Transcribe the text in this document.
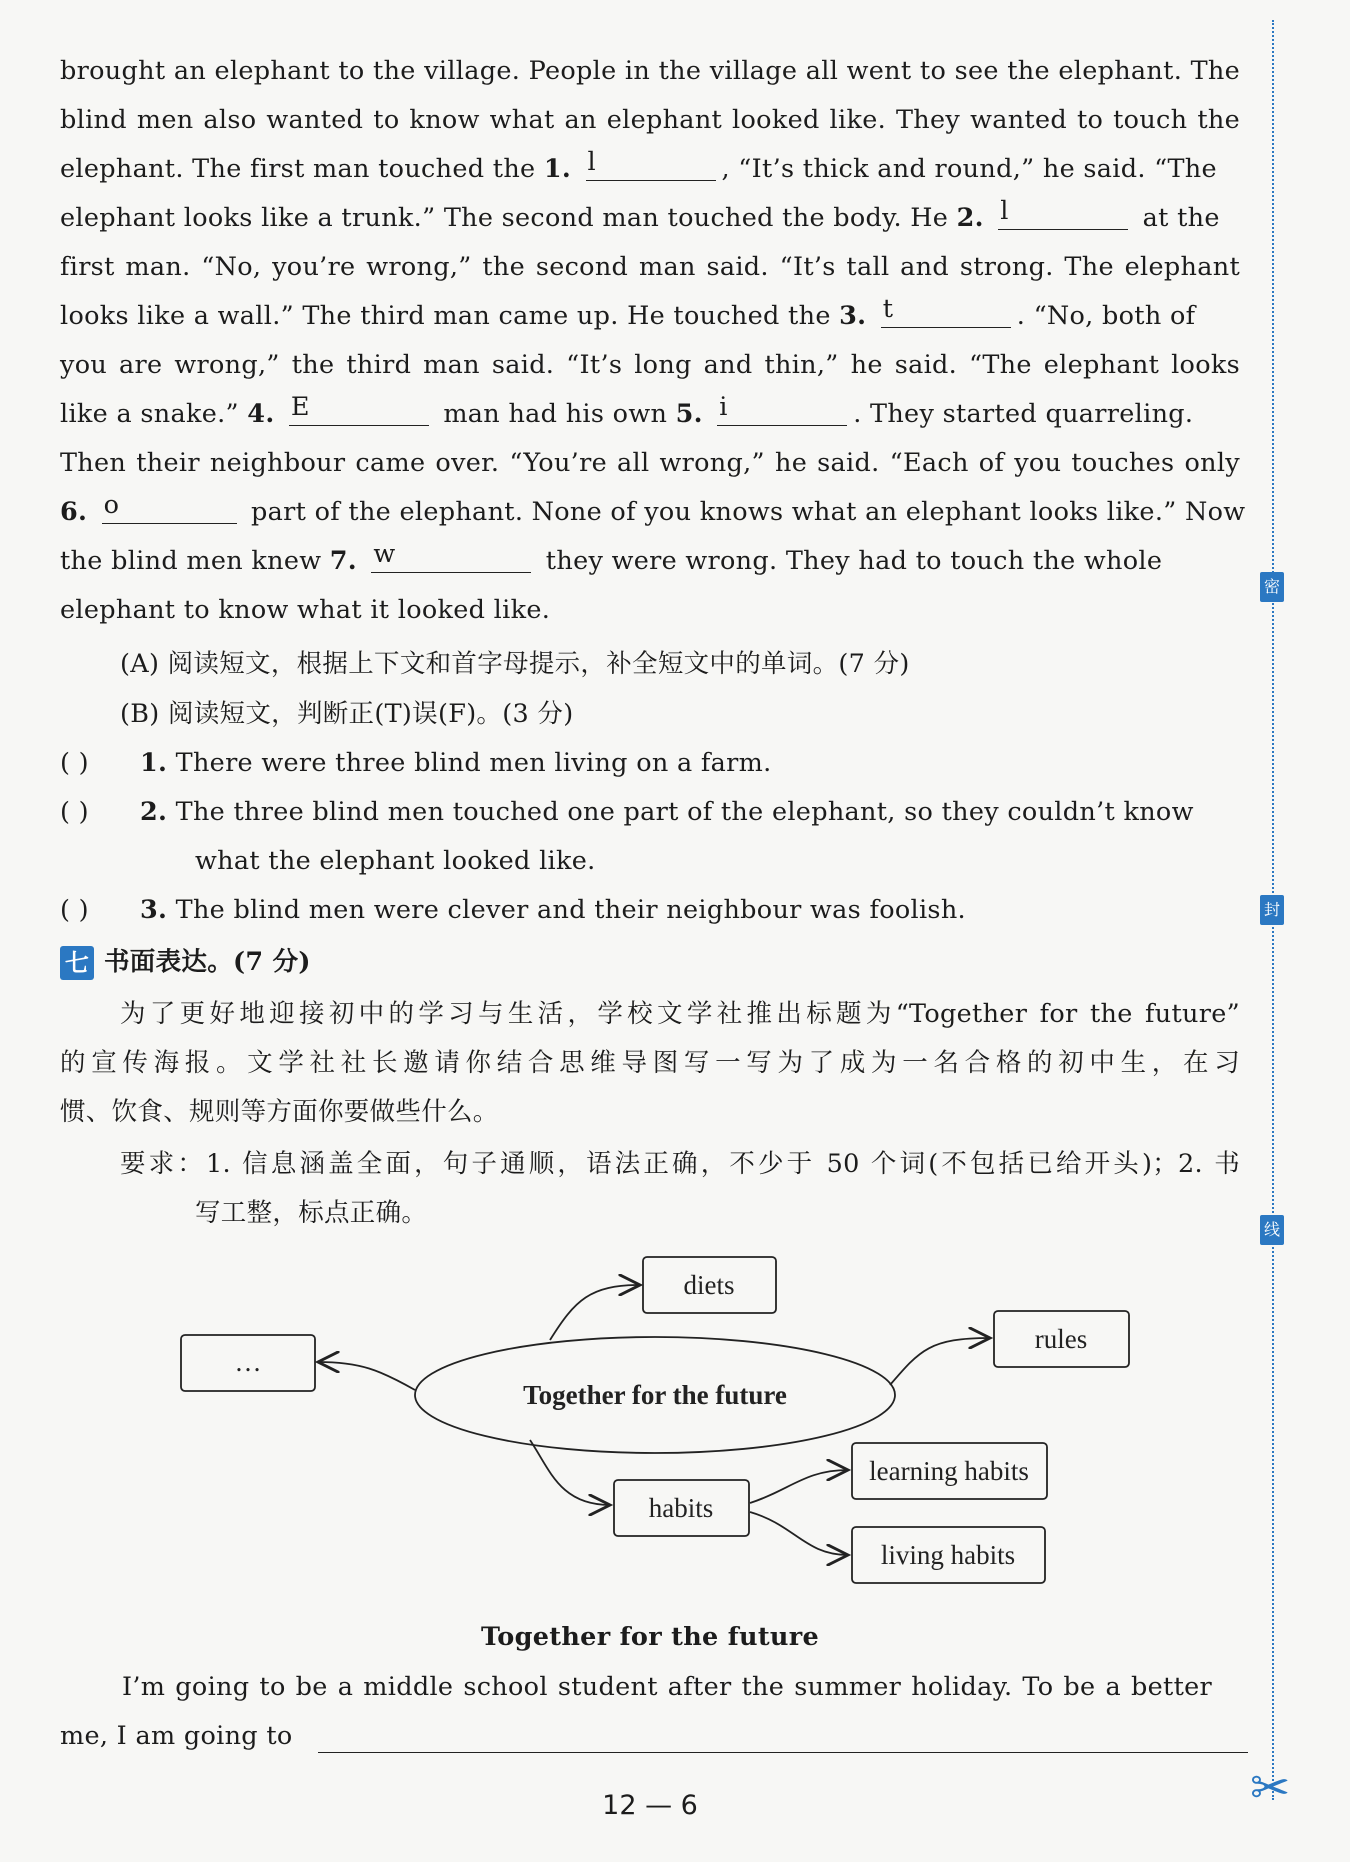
brought an elephant to the village. People in the village all went to see the elephant. The
blind men also wanted to know what an elephant looked like. They wanted to touch the
elephant. The first man touched the 1. l	, “It’s thick and round,” he said. “The
elephant looks like a trunk.” The second man touched the body. He 2. l	at the
first man. “No, you’re wrong,” the second man said. “It’s tall and strong. The elephant
looks like a wall.” The third man came up. He touched the 3. t	. “No, both of
you are wrong,” the third man said. “It’s long and thin,” he said. “The elephant looks
like a snake.” 4. E	man had his own 5. i	. They started quarreling.
Then their neighbour came over. “You’re all wrong,” he said. “Each of you touches only
6. o	part of the elephant. None of you knows what an elephant looks like.” Now
the blind men knew 7. w	they were wrong. They had to touch the whole
elephant to know what it looked like.
(A) 阅读短文，根据上下文和首字母提示，补全短文中的单词。(7 分)
(B) 阅读短文，判断正(T)误(F)。(3 分)
( ) 1. There were three blind men living on a farm.
( ) 2. The three blind men touched one part of the elephant, so they couldn’t know
what the elephant looked like.
( ) 3. The blind men were clever and their neighbour was foolish.
七 书面表达。(7 分)
为了更好地迎接初中的学习与生活，学校文学社推出标题为“Together for the future”
的宣传海报。文学社社长邀请你结合思维导图写一写为了成为一名合格的初中生，在习
惯、饮食、规则等方面你要做些什么。
要求：1. 信息涵盖全面，句子通顺，语法正确，不少于 50 个词(不包括已给开头)；2. 书
写工整，标点正确。
Together for the future
diets
rules
…
habits
learning habits
living habits
Together for the future
I’m going to be a middle school student after the summer holiday. To be a better
me, I am going to
密
封
线
✂
12 — 6
